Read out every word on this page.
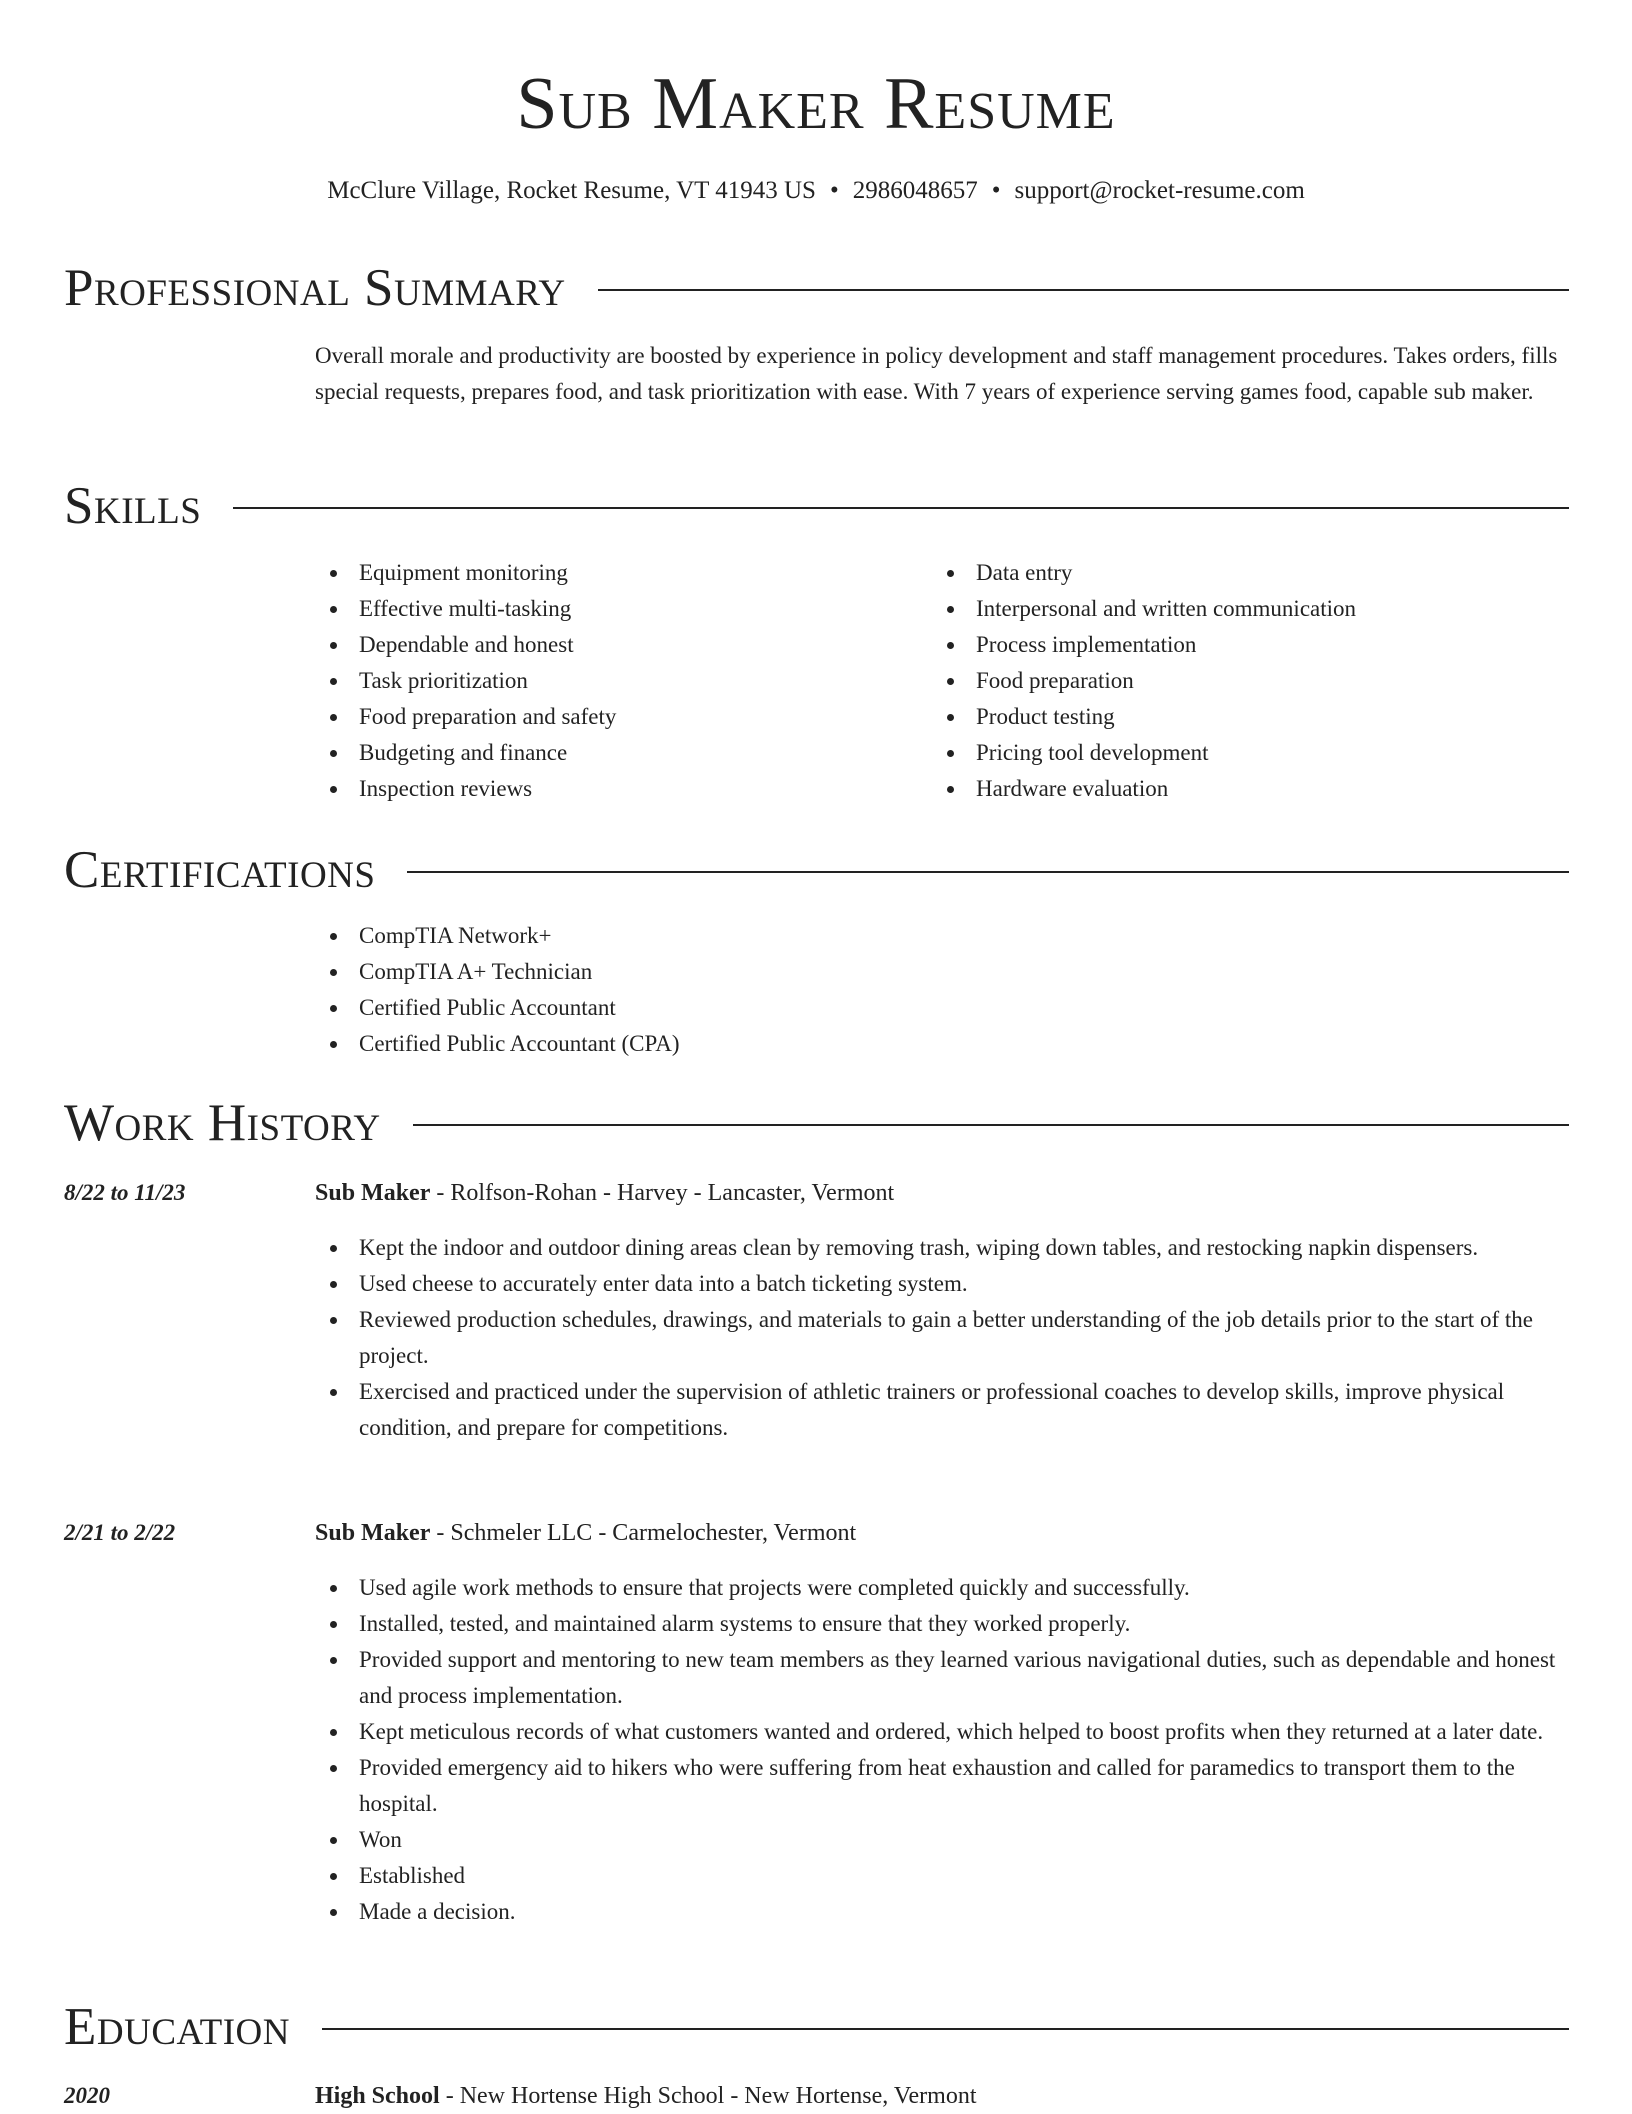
Sub Maker Resume
McClure Village, Rocket Resume, VT 41943 US • 2986048657 • support@rocket-resume.com
Professional Summary
Overall morale and productivity are boosted by experience in policy development and staff management procedures. Takes orders, fills special requests, prepares food, and task prioritization with ease. With 7 years of experience serving games food, capable sub maker.
Skills
Equipment monitoring
Effective multi-tasking
Dependable and honest
Task prioritization
Food preparation and safety
Budgeting and finance
Inspection reviews
Data entry
Interpersonal and written communication
Process implementation
Food preparation
Product testing
Pricing tool development
Hardware evaluation
Certifications
CompTIA Network+
CompTIA A+ Technician
Certified Public Accountant
Certified Public Accountant (CPA)
Work History
8/22 to 11/23	Sub Maker - Rolfson-Rohan - Harvey - Lancaster, Vermont
Kept the indoor and outdoor dining areas clean by removing trash, wiping down tables, and restocking napkin dispensers.
Used cheese to accurately enter data into a batch ticketing system.
Reviewed production schedules, drawings, and materials to gain a better understanding of the job details prior to the start of the project.
Exercised and practiced under the supervision of athletic trainers or professional coaches to develop skills, improve physical condition, and prepare for competitions.
2/21 to 2/22	Sub Maker - Schmeler LLC - Carmelochester, Vermont
Used agile work methods to ensure that projects were completed quickly and successfully.
Installed, tested, and maintained alarm systems to ensure that they worked properly.
Provided support and mentoring to new team members as they learned various navigational duties, such as dependable and honest and process implementation.
Kept meticulous records of what customers wanted and ordered, which helped to boost profits when they returned at a later date.
Provided emergency aid to hikers who were suffering from heat exhaustion and called for paramedics to transport them to the hospital.
Won
Established
Made a decision.
Education
2020	High School - New Hortense High School - New Hortense, Vermont
